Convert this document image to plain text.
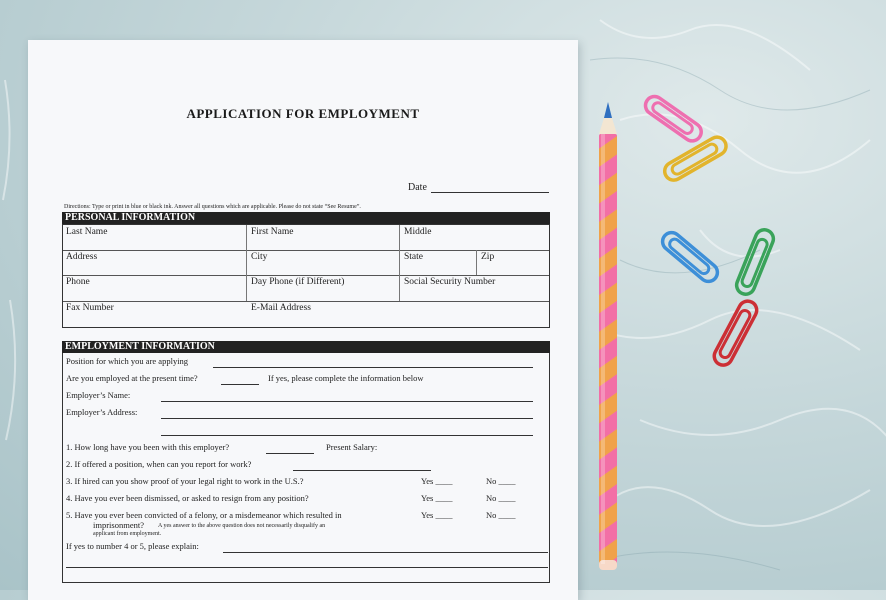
APPLICATION FOR EMPLOYMENT
Date
Directions: Type or print in blue or black ink. Answer all questions which are applicable. Please do not state “See Resume”.
PERSONAL INFORMATION
Last Name	First Name	Middle
Address	City	State	Zip
Phone	Day Phone (if Different)	Social Security Number
Fax Number	E-Mail Address
EMPLOYMENT INFORMATION
Position for which you are applying
Are you employed at the present time?	If yes, please complete the information below
Employer’s Name:
Employer’s Address:
1. How long have you been with this employer?	Present Salary:
2. If offered a position, when can you report for work?
3. If hired can you show proof of your legal right to work in the U.S.?	Yes ____	No ____
4. Have you ever been dismissed, or asked to resign from any position?	Yes ____	No ____
5. Have you ever been convicted of a felony, or a misdemeanor which resulted in	Yes ____	No ____
imprisonment? A yes answer to the above question does not necessarily disqualify an
applicant from employment.
If yes to number 4 or 5, please explain:
